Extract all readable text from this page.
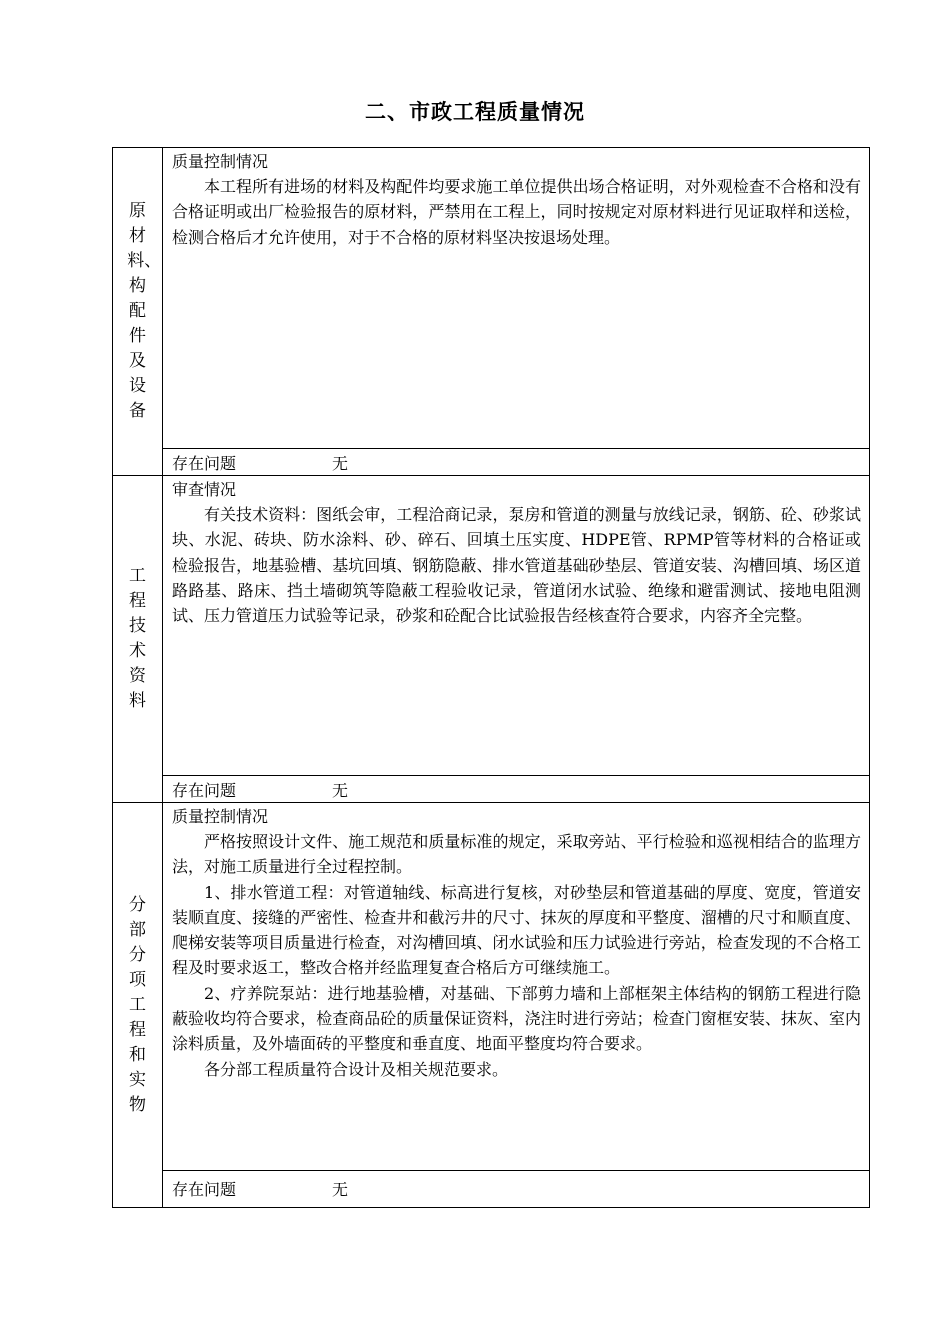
二、市政工程质量情况
原材料、构配件及设备	质量控制情况

本工程所有进场的材料及构配件均要求施工单位提供出场合格证明，对外观检查不合格和没有合格证明或出厂检验报告的原材料，严禁用在工程上，同时按规定对原材料进行见证取样和送检，检测合格后才允许使用，对于不合格的原材料坚决按退场处理。

	存在问题 无
工程技术资料	审查情况

有关技术资料：图纸会审，工程洽商记录，泵房和管道的测量与放线记录，钢筋、砼、砂浆试块、水泥、砖块、防水涂料、砂、碎石、回填土压实度、HDPE管、RPMP管等材料的合格证或检验报告，地基验槽、基坑回填、钢筋隐蔽、排水管道基础砂垫层、管道安装、沟槽回填、场区道路路基、路床、挡土墙砌筑等隐蔽工程验收记录，管道闭水试验、绝缘和避雷测试、接地电阻测试、压力管道压力试验等记录，砂浆和砼配合比试验报告经核查符合要求，内容齐全完整。

	存在问题 无
分部分项工程和实物	质量控制情况

严格按照设计文件、施工规范和质量标准的规定，采取旁站、平行检验和巡视相结合的监理方法，对施工质量进行全过程控制。

1、排水管道工程：对管道轴线、标高进行复核，对砂垫层和管道基础的厚度、宽度，管道安装顺直度、接缝的严密性、检查井和截污井的尺寸、抹灰的厚度和平整度、溜槽的尺寸和顺直度、爬梯安装等项目质量进行检查，对沟槽回填、闭水试验和压力试验进行旁站，检查发现的不合格工程及时要求返工，整改合格并经监理复查合格后方可继续施工。

2、疗养院泵站：进行地基验槽，对基础、下部剪力墙和上部框架主体结构的钢筋工程进行隐蔽验收均符合要求，检查商品砼的质量保证资料，浇注时进行旁站；检查门窗框安装、抹灰、室内涂料质量，及外墙面砖的平整度和垂直度、地面平整度均符合要求。

各分部工程质量符合设计及相关规范要求。

	存在问题 无
